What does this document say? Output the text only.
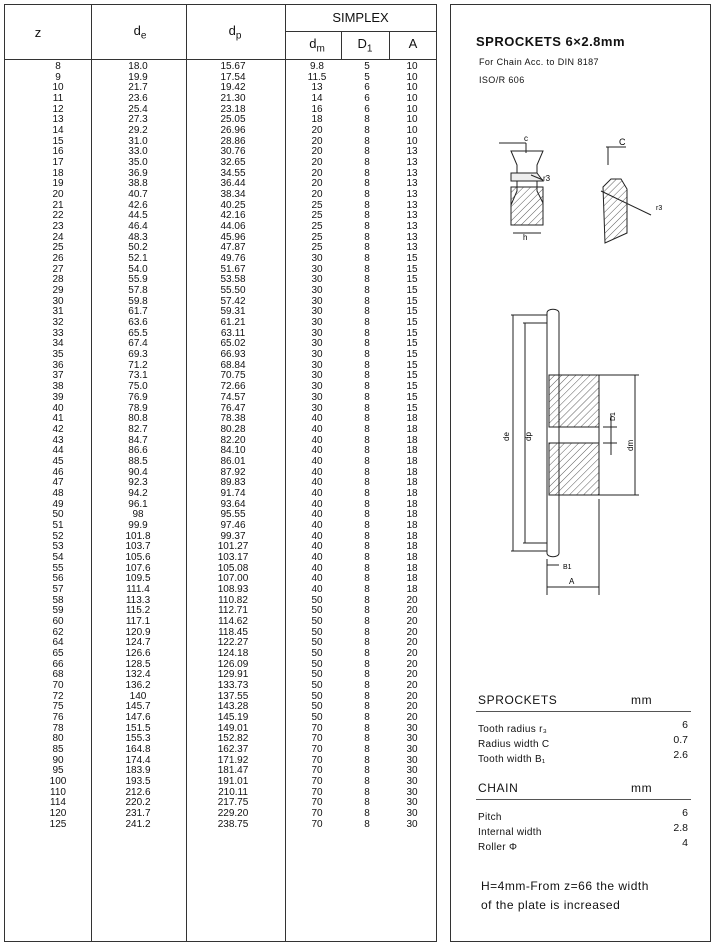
z	$d_e$	$d_p$
SIMPLEX
$d_m$	$D_1$	A
8	18.0	15.67	9.8	5	10
9	19.9	17.54	11.5	5	10
10	21.7	19.42	13	6	10
11	23.6	21.30	14	6	10
12	25.4	23.18	16	6	10
13	27.3	25.05	18	8	10
14	29.2	26.96	20	8	10
15	31.0	28.86	20	8	10
16	33.0	30.76	20	8	13
17	35.0	32.65	20	8	13
18	36.9	34.55	20	8	13
19	38.8	36.44	20	8	13
20	40.7	38.34	20	8	13
21	42.6	40.25	25	8	13
22	44.5	42.16	25	8	13
23	46.4	44.06	25	8	13
24	48.3	45.96	25	8	13
25	50.2	47.87	25	8	13
26	52.1	49.76	30	8	15
27	54.0	51.67	30	8	15
28	55.9	53.58	30	8	15
29	57.8	55.50	30	8	15
30	59.8	57.42	30	8	15
31	61.7	59.31	30	8	15
32	63.6	61.21	30	8	15
33	65.5	63.11	30	8	15
34	67.4	65.02	30	8	15
35	69.3	66.93	30	8	15
36	71.2	68.84	30	8	15
37	73.1	70.75	30	8	15
38	75.0	72.66	30	8	15
39	76.9	74.57	30	8	15
40	78.9	76.47	30	8	15
41	80.8	78.38	40	8	18
42	82.7	80.28	40	8	18
43	84.7	82.20	40	8	18
44	86.6	84.10	40	8	18
45	88.5	86.01	40	8	18
46	90.4	87.92	40	8	18
47	92.3	89.83	40	8	18
48	94.2	91.74	40	8	18
49	96.1	93.64	40	8	18
50	98	95.55	40	8	18
51	99.9	97.46	40	8	18
52	101.8	99.37	40	8	18
53	103.7	101.27	40	8	18
54	105.6	103.17	40	8	18
55	107.6	105.08	40	8	18
56	109.5	107.00	40	8	18
57	111.4	108.93	40	8	18
58	113.3	110.82	50	8	20
59	115.2	112.71	50	8	20
60	117.1	114.62	50	8	20
62	120.9	118.45	50	8	20
64	124.7	122.27	50	8	20
65	126.6	124.18	50	8	20
66	128.5	126.09	50	8	20
68	132.4	129.91	50	8	20
70	136.2	133.73	50	8	20
72	140	137.55	50	8	20
75	145.7	143.28	50	8	20
76	147.6	145.19	50	8	20
78	151.5	149.01	70	8	30
80	155.3	152.82	70	8	30
85	164.8	162.37	70	8	30
90	174.4	171.92	70	8	30
95	183.9	181.47	70	8	30
100	193.5	191.01	70	8	30
110	212.6	210.11	70	8	30
114	220.2	217.75	70	8	30
120	231.7	229.20	70	8	30
125	241.2	238.75	70	8	30
SPROCKETS 6×2.8mm
For Chain Acc. to DIN 8187
ISO/R 606
c
r3
h
C
r3
de dp
D1
dm
B1
A
SPROCKETS	mm
Tooth radius r₃	6
Radius width C	0.7
Tooth width B₁	2.6
CHAIN	mm
Pitch	6
Internal width	2.8
Roller Φ	4
H=4mm-From z=66 the width
of the plate is increased
